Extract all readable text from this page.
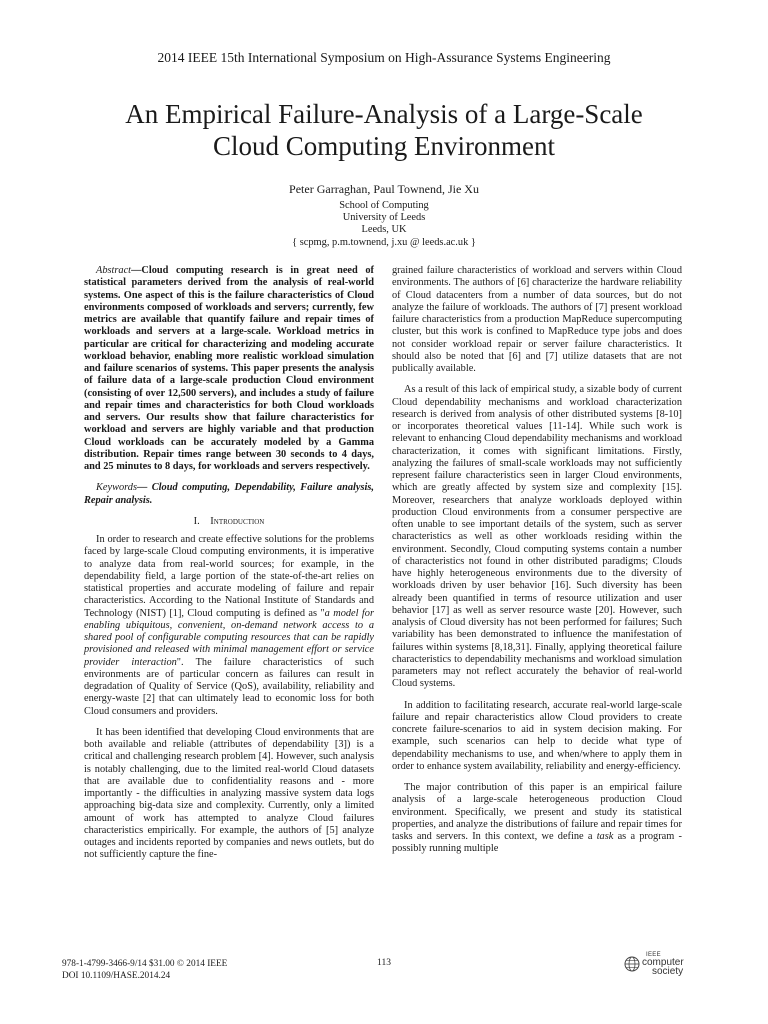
2014 IEEE 15th International Symposium on High-Assurance Systems Engineering
An Empirical Failure-Analysis of a Large-Scale
Cloud Computing Environment
Peter Garraghan, Paul Townend, Jie Xu
School of Computing
University of Leeds
Leeds, UK
{ scpmg, p.m.townend, j.xu @ leeds.ac.uk }

Abstract—Cloud computing research is in great need of statistical parameters derived from the analysis of real-world systems. One aspect of this is the failure characteristics of Cloud environments composed of workloads and servers; currently, few metrics are available that quantify failure and repair times of workloads and servers at a large-scale. Workload metrics in particular are critical for characterizing and modeling accurate workload behavior, enabling more realistic workload simulation and failure scenarios of systems. This paper presents the analysis of failure data of a large-scale production Cloud environment (consisting of over 12,500 servers), and includes a study of failure and repair times and characteristics for both Cloud workloads and servers. Our results show that failure characteristics for workload and servers are highly variable and that production Cloud workloads can be accurately modeled by a Gamma distribution. Repair times range between 30 seconds to 4 days, and 25 minutes to 8 days, for workloads and servers respectively.

Keywords— Cloud computing, Dependability, Failure analysis, Repair analysis.

I. Introduction

In order to research and create effective solutions for the problems faced by large-scale Cloud computing environments, it is imperative to analyze data from real-world sources; for example, in the dependability field, a large portion of the state-of-the-art relies on statistical properties and accurate modeling of failure and repair characteristics. According to the National Institute of Standards and Technology (NIST) [1], Cloud computing is defined as "a model for enabling ubiquitous, convenient, on-demand network access to a shared pool of configurable computing resources that can be rapidly provisioned and released with minimal management effort or service provider interaction". The failure characteristics of such environments are of particular concern as failures can result in degradation of Quality of Service (QoS), availability, reliability and energy-waste [2] that can ultimately lead to economic loss for both Cloud consumers and providers.

It has been identified that developing Cloud environments that are both available and reliable (attributes of dependability [3]) is a critical and challenging research problem [4]. However, such analysis is notably challenging, due to the limited real-world Cloud datasets that are available due to confidentiality reasons and - more importantly - the difficulties in analyzing massive system data logs approaching big-data size and complexity. Currently, only a limited amount of work has attempted to analyze Cloud failures characteristics empirically. For example, the authors of [5] analyze outages and incidents reported by companies and news outlets, but do not sufficiently capture the fine-

grained failure characteristics of workload and servers within Cloud environments. The authors of [6] characterize the hardware reliability of Cloud datacenters from a number of data sources, but do not analyze the failure of workloads. The authors of [7] present workload failure characteristics from a production MapReduce supercomputing cluster, but this work is confined to MapReduce type jobs and does not consider workload repair or server failure characteristics. It should also be noted that [6] and [7] utilize datasets that are not publically available.

As a result of this lack of empirical study, a sizable body of current Cloud dependability mechanisms and workload characterization research is derived from analysis of other distributed systems [8-10] or incorporates theoretical values [11-14]. While such work is relevant to enhancing Cloud dependability mechanisms and workload characterization, it comes with significant limitations. Firstly, analyzing the failures of small-scale workloads may not sufficiently represent failure characteristics seen in larger Cloud environments, which are greatly affected by system size and complexity [15]. Moreover, researchers that analyze workloads deployed within production Cloud environments from a consumer perspective are often unable to see important details of the system, such as server characteristics as well as other workloads residing within the environment. Secondly, Cloud computing systems contain a number of characteristics not found in other distributed paradigms; Clouds have highly heterogeneous environments due to the diversity of workloads driven by user behavior [16]. Such diversity has been already been quantified in terms of resource utilization and user behavior [17] as well as server resource waste [20]. However, such analysis of Cloud diversity has not been performed for failures; Such variability has been demonstrated to influence the manifestation of failures within systems [8,18,31]. Finally, applying theoretical failure characteristics to dependability mechanisms and workload simulation parameters may not reflect accurately the behavior of real-world Cloud systems.

In addition to facilitating research, accurate real-world large-scale failure and repair characteristics allow Cloud providers to create concrete failure-scenarios to aid in system decision making. For example, such scenarios can help to decide what type of dependability mechanisms to use, and when/where to apply them in order to enhance system availability, reliability and energy-efficiency.

The major contribution of this paper is an empirical failure analysis of a large-scale heterogeneous production Cloud environment. Specifically, we present and study its statistical properties, and analyze the distributions of failure and repair times for tasks and servers. In this context, we define a task as a program - possibly running multiple

978-1-4799-3466-9/14 $31.00 © 2014 IEEE
DOI 10.1109/HASE.2014.24
113
IEEE
computer
society
